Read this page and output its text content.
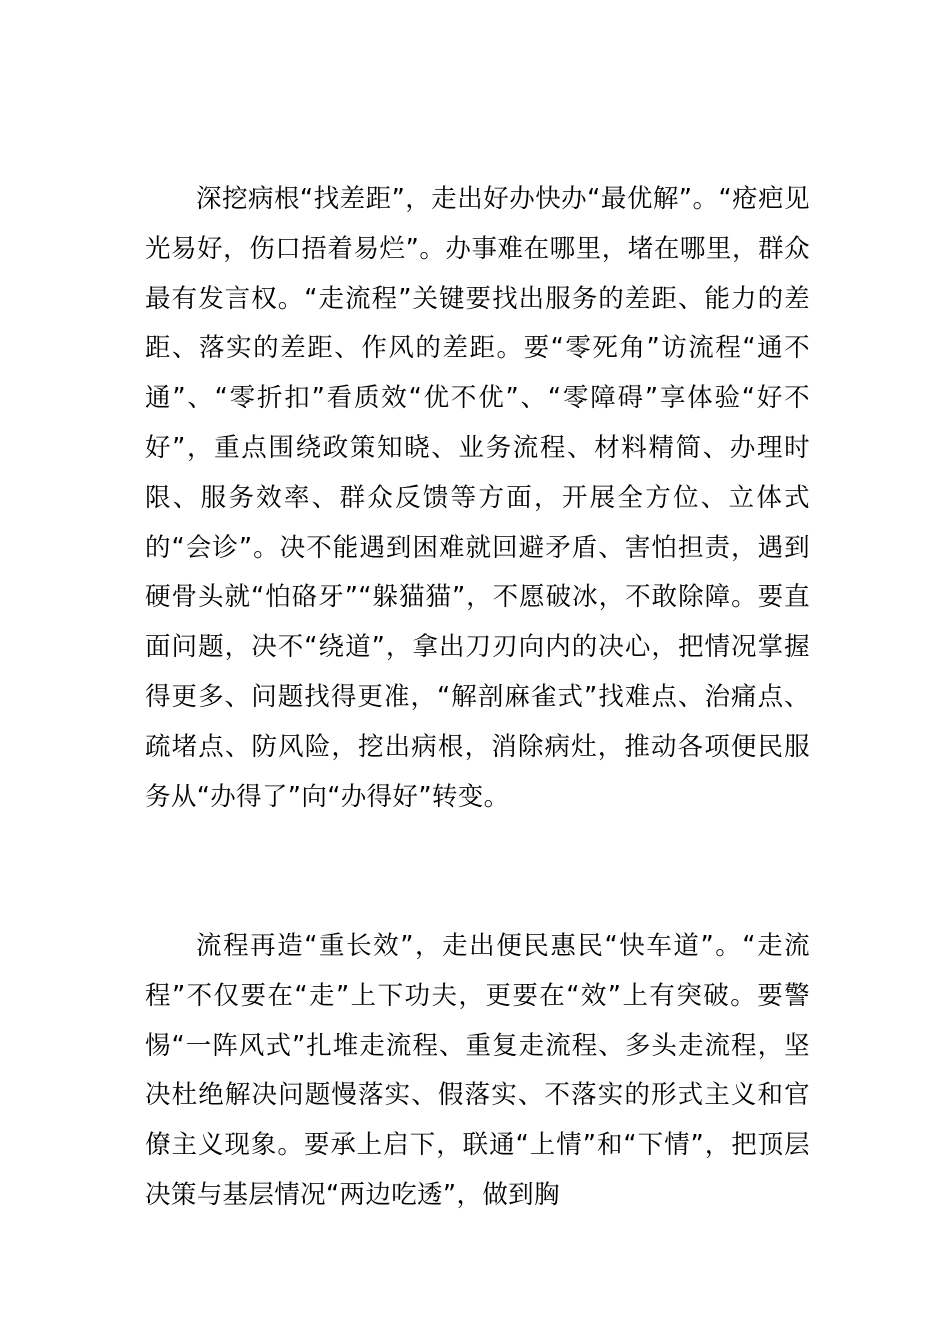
深挖病根“找差距”，走出好办快办“最优解”。“疮疤见光易好，伤口捂着易烂”。办事难在哪里，堵在哪里，群众最有发言权。“走流程”关键要找出服务的差距、能力的差距、落实的差距、作风的差距。要“零死角”访流程“通不通”、“零折扣”看质效“优不优”、“零障碍”享体验“好不好”，重点围绕政策知晓、业务流程、材料精简、办理时限、服务效率、群众反馈等方面，开展全方位、立体式的“会诊”。决不能遇到困难就回避矛盾、害怕担责，遇到硬骨头就“怕硌牙”“躲猫猫”，不愿破冰，不敢除障。要直面问题，决不“绕道”，拿出刀刃向内的决心，把情况掌握得更多、问题找得更准，“解剖麻雀式”找难点、治痛点、疏堵点、防风险，挖出病根，消除病灶，推动各项便民服务从“办得了”向“办得好”转变。

流程再造“重长效”，走出便民惠民“快车道”。“走流程”不仅要在“走”上下功夫，更要在“效”上有突破。要警惕“一阵风式”扎堆走流程、重复走流程、多头走流程，坚决杜绝解决问题慢落实、假落实、不落实的形式主义和官僚主义现象。要承上启下，联通“上情”和“下情”，把顶层决策与基层情况“两边吃透”，做到胸
